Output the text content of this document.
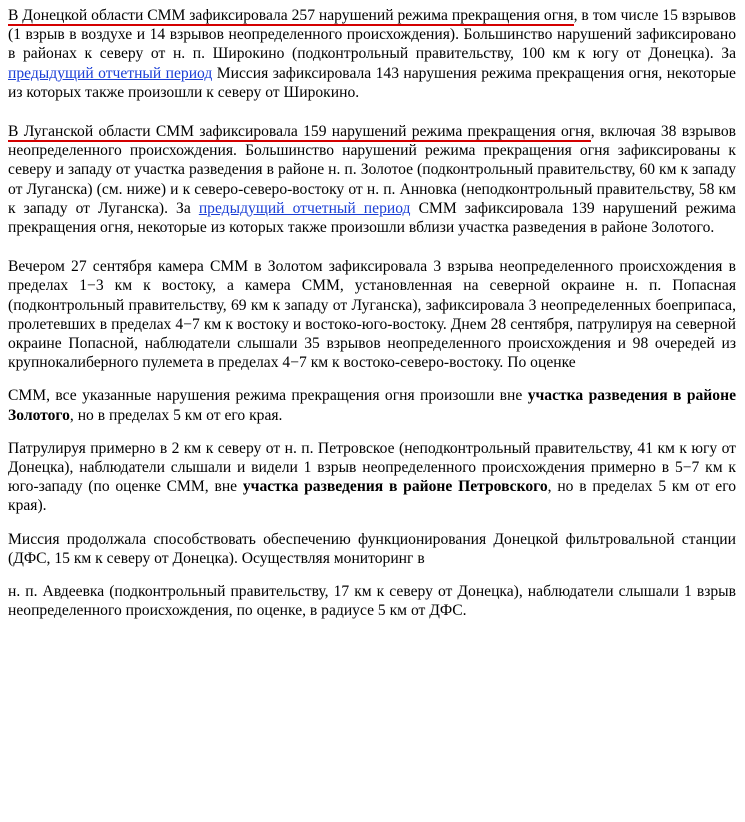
В Донецкой области СММ зафиксировала 257 нарушений режима прекращения огня, в том числе 15 взрывов (1 взрыв в воздухе и 14 взрывов неопределенного происхождения). Большинство нарушений зафиксировано в районах к северу от н. п. Широкино (подконтрольный правительству, 100 км к югу от Донецка). За предыдущий отчетный период Миссия зафиксировала 143 нарушения режима прекращения огня, некоторые из которых также произошли к северу от Широкино.

В Луганской области СММ зафиксировала 159 нарушений режима прекращения огня, включая 38 взрывов неопределенного происхождения. Большинство нарушений режима прекращения огня зафиксированы к северу и западу от участка разведения в районе н. п. Золотое (подконтрольный правительству, 60 км к западу от Луганска) (см. ниже) и к северо-северо-востоку от н. п. Анновка (неподконтрольный правительству, 58 км к западу от Луганска). За предыдущий отчетный период СММ зафиксировала 139 нарушений режима прекращения огня, некоторые из которых также произошли вблизи участка разведения в районе Золотого.

Вечером 27 сентября камера СММ в Золотом зафиксировала 3 взрыва неопределенного происхождения в пределах 1−3 км к востоку, а камера СММ, установленная на северной окраине н. п. Попасная (подконтрольный правительству, 69 км к западу от Луганска), зафиксировала 3 неопределенных боеприпаса, пролетевших в пределах 4−7 км к востоку и востоко-юго-востоку. Днем 28 сентября, патрулируя на северной окраине Попасной, наблюдатели слышали 35 взрывов неопределенного происхождения и 98 очередей из крупнокалиберного пулемета в пределах 4−7 км к востоко-северо-востоку. По оценке

СММ, все указанные нарушения режима прекращения огня произошли вне участка разведения в районе Золотого, но в пределах 5 км от его края.

Патрулируя примерно в 2 км к северу от н. п. Петровское (неподконтрольный правительству, 41 км к югу от Донецка), наблюдатели слышали и видели 1 взрыв неопределенного происхождения примерно в 5−7 км к юго-западу (по оценке СММ, вне участка разведения в районе Петровского, но в пределах 5 км от его края).

Миссия продолжала способствовать обеспечению функционирования Донецкой фильтровальной станции (ДФС, 15 км к северу от Донецка). Осуществляя мониторинг в

н. п. Авдеевка (подконтрольный правительству, 17 км к северу от Донецка), наблюдатели слышали 1 взрыв неопределенного происхождения, по оценке, в радиусе 5 км от ДФС.
